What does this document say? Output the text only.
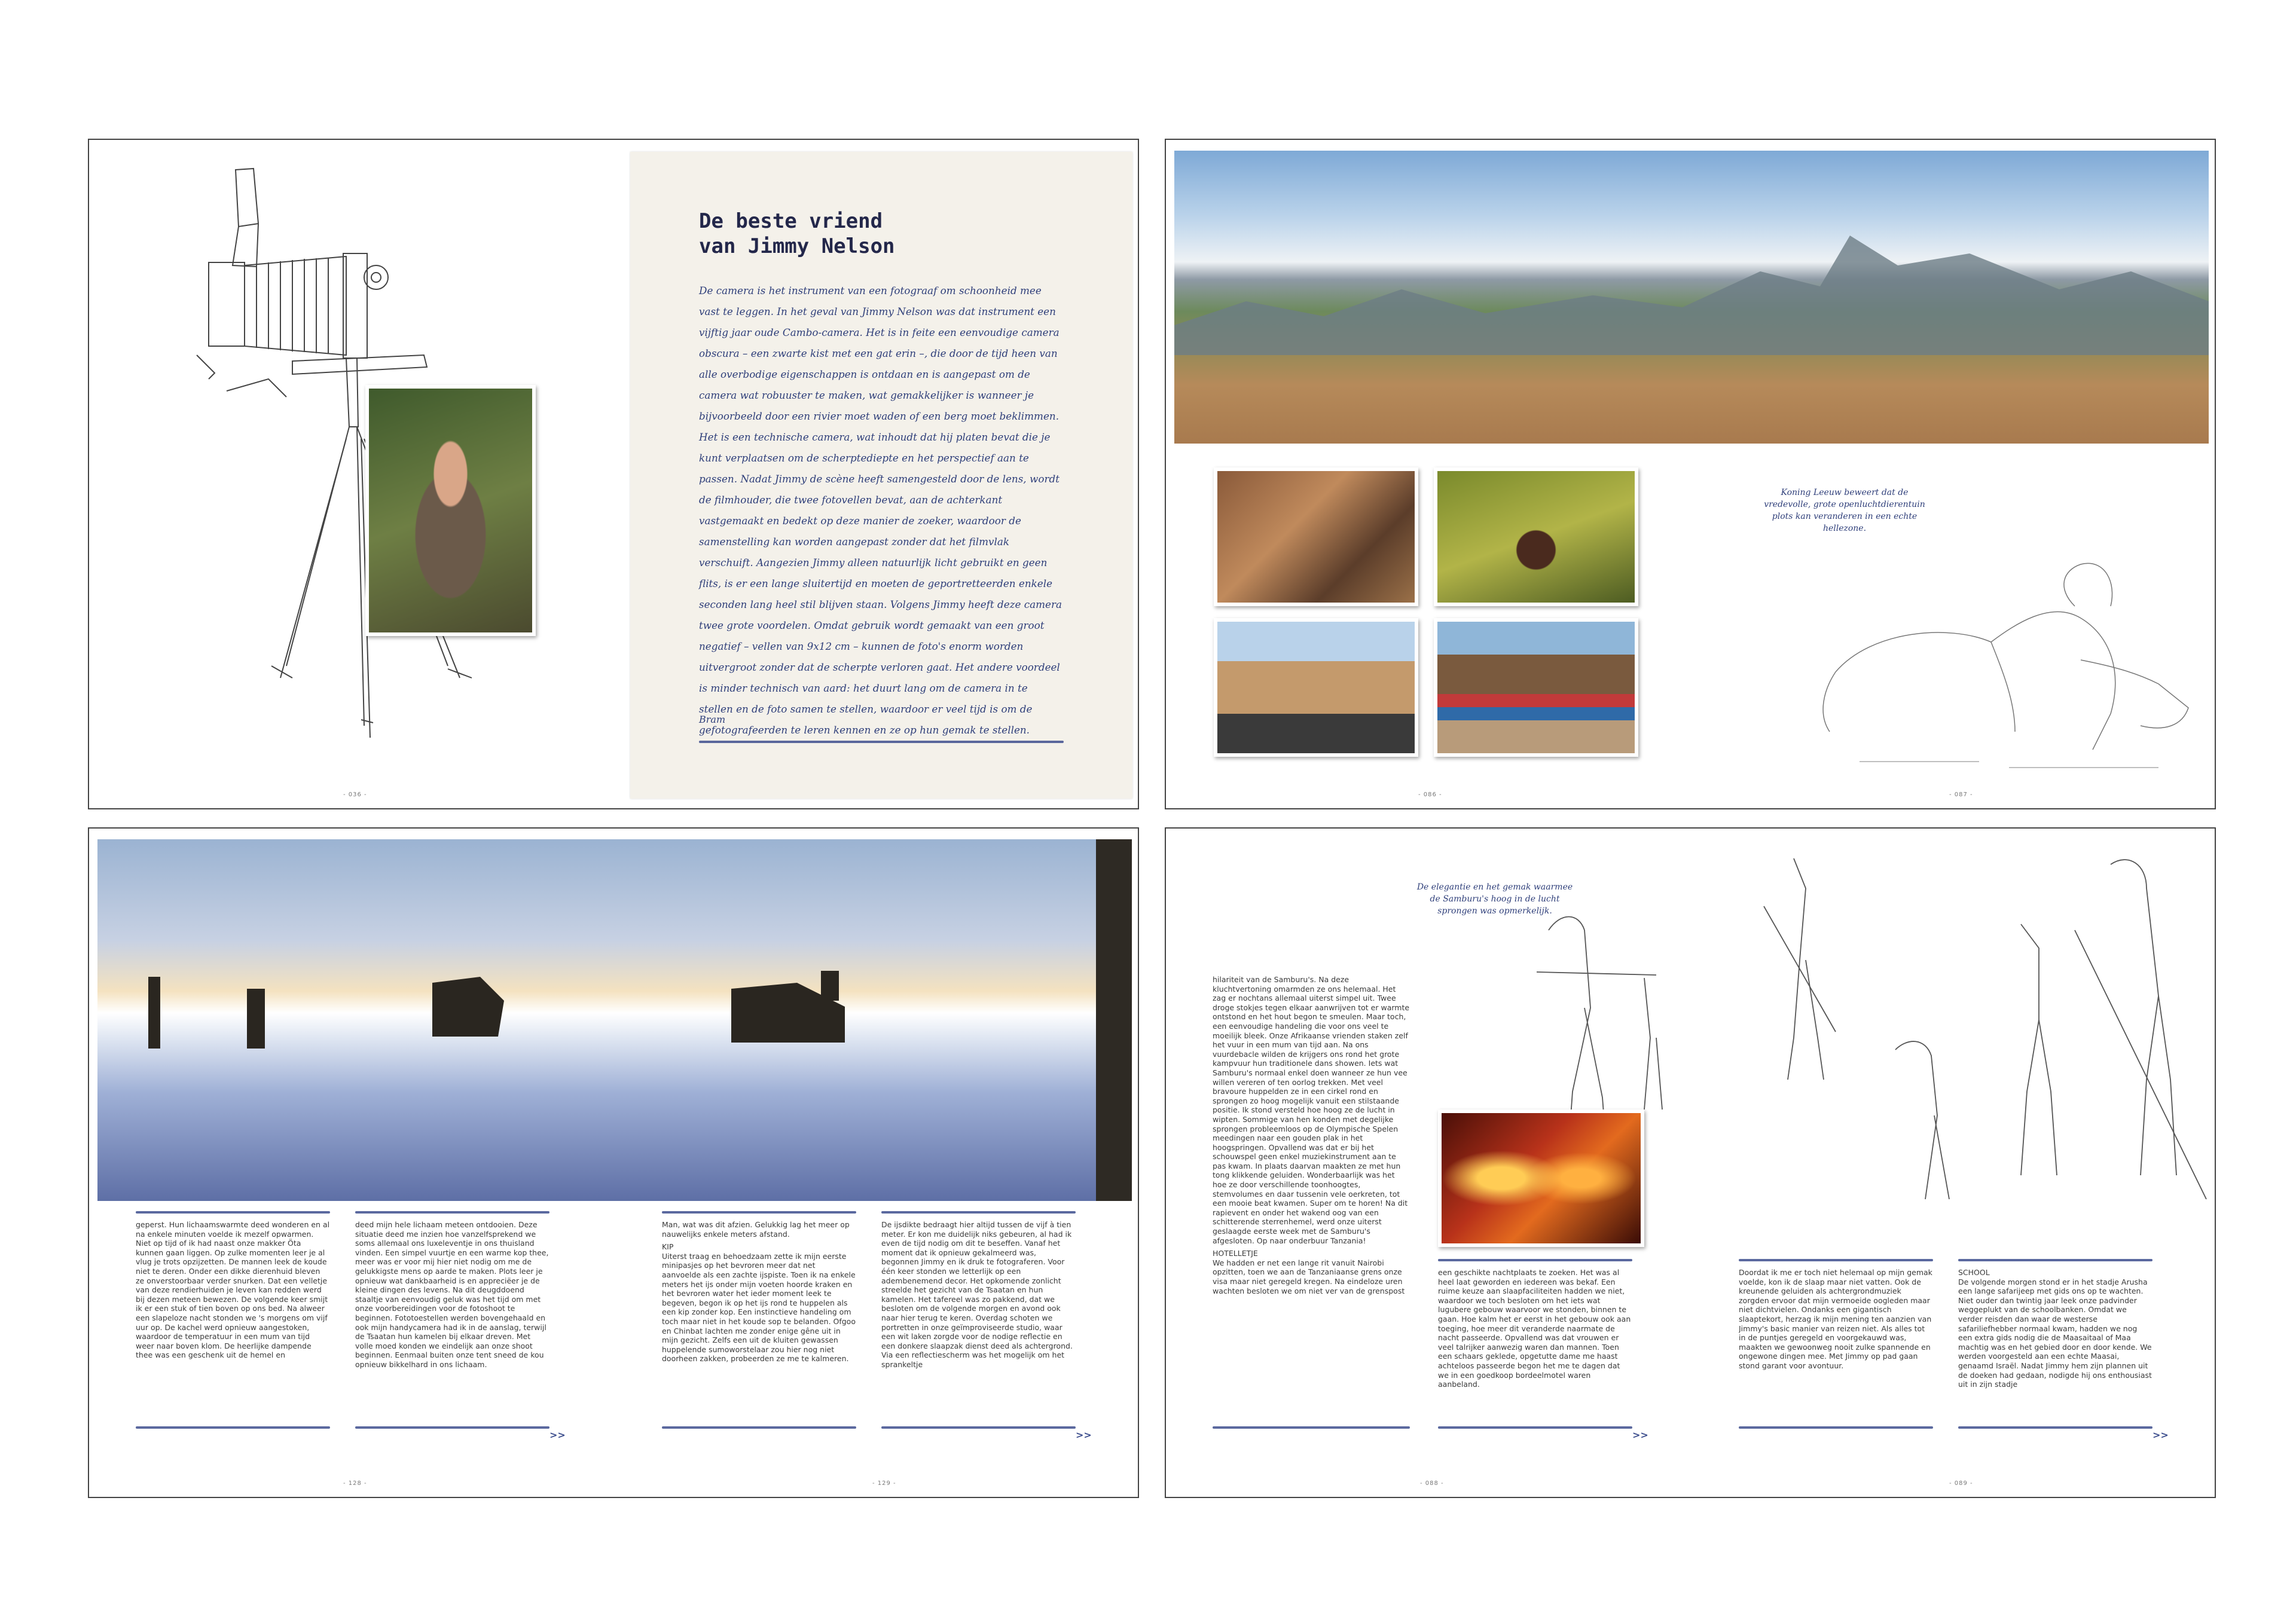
De beste vriend
van Jimmy Nelson
De camera is het instrument van een fotograaf om schoonheid mee vast te leggen. In het geval van Jimmy Nelson was dat instrument een vijftig jaar oude Cambo-camera. Het is in feite een eenvoudige camera obscura – een zwarte kist met een gat erin –, die door de tijd heen van alle overbodige eigenschappen is ontdaan en is aangepast om de camera wat robuuster te maken, wat gemakkelijker is wanneer je bijvoorbeeld door een rivier moet waden of een berg moet beklimmen. Het is een technische camera, wat inhoudt dat hij platen bevat die je kunt verplaatsen om de scherptediepte en het perspectief aan te passen. Nadat Jimmy de scène heeft samengesteld door de lens, wordt de filmhouder, die twee fotovellen bevat, aan de achterkant vastgemaakt en bedekt op deze manier de zoeker, waardoor de samenstelling kan worden aangepast zonder dat het filmvlak verschuift. Aangezien Jimmy alleen natuurlijk licht gebruikt en geen flits, is er een lange sluitertijd en moeten de geportretteerden enkele seconden lang heel stil blijven staan. Volgens Jimmy heeft deze camera twee grote voordelen. Omdat gebruik wordt gemaakt van een groot negatief – vellen van 9x12 cm – kunnen de foto's enorm worden uitvergroot zonder dat de scherpte verloren gaat. Het andere voordeel is minder technisch van aard: het duurt lang om de camera in te stellen en de foto samen te stellen, waardoor er veel tijd is om de gefotografeerden te leren kennen en ze op hun gemak te stellen.
Bram
- 036 -
Koning Leeuw beweert dat de vredevolle, grote openluchtdierentuin plots kan veranderen in een echte hellezone.
- 086 -	- 087 -

geperst. Hun lichaamswarmte deed wonderen en al na enkele minuten voelde ik mezelf opwarmen. Niet op tijd of ik had naast onze makker Öta kunnen gaan liggen. Op zulke momenten leer je al vlug je trots opzijzetten. De mannen leek de koude niet te deren. Onder een dikke dierenhuid bleven ze onverstoorbaar verder snurken. Dat een velletje van deze rendierhuiden je leven kan redden werd bij dezen meteen bewezen. De volgende keer smijt ik er een stuk of tien boven op ons bed. Na alweer een slapeloze nacht stonden we 's morgens om vijf uur op. De kachel werd opnieuw aangestoken, waardoor de temperatuur in een mum van tijd weer naar boven klom. De heerlijke dampende thee was een geschenk uit de hemel en

deed mijn hele lichaam meteen ontdooien. Deze situatie deed me inzien hoe vanzelfsprekend we soms allemaal ons luxeleventje in ons thuisland vinden. Een simpel vuurtje en een warme kop thee, meer was er voor mij hier niet nodig om me de gelukkigste mens op aarde te maken. Plots leer je opnieuw wat dankbaarheid is en appreciëer je de kleine dingen des levens. Na dit deugddoend staaltje van eenvoudig geluk was het tijd om met onze voorbereidingen voor de fotoshoot te beginnen. Fototoestellen werden bovengehaald en ook mijn handycamera had ik in de aanslag, terwijl de Tsaatan hun kamelen bij elkaar dreven. Met volle moed konden we eindelijk aan onze shoot beginnen. Eenmaal buiten onze tent sneed de kou opnieuw bikkelhard in ons lichaam.

>>

Man, wat was dit afzien. Gelukkig lag het meer op nauwelijks enkele meters afstand.

KIP

Uiterst traag en behoedzaam zette ik mijn eerste minipasjes op het bevroren meer dat net aanvoelde als een zachte ijspiste. Toen ik na enkele meters het ijs onder mijn voeten hoorde kraken en het bevroren water het ieder moment leek te begeven, begon ik op het ijs rond te huppelen als een kip zonder kop. Een instinctieve handeling om toch maar niet in het koude sop te belanden. Ofgoo en Chinbat lachten me zonder enige gêne uit in mijn gezicht. Zelfs een uit de kluiten gewassen huppelende sumoworstelaar zou hier nog niet doorheen zakken, probeerden ze me te kalmeren.

De ijsdikte bedraagt hier altijd tussen de vijf à tien meter. Er kon me duidelijk niks gebeuren, al had ik even de tijd nodig om dit te beseffen. Vanaf het moment dat ik opnieuw gekalmeerd was, begonnen Jimmy en ik druk te fotograferen. Voor één keer stonden we letterlijk op een adembenemend decor. Het opkomende zonlicht streelde het gezicht van de Tsaatan en hun kamelen. Het tafereel was zo pakkend, dat we besloten om de volgende morgen en avond ook naar hier terug te keren. Overdag schoten we portretten in onze geïmproviseerde studio, waar een wit laken zorgde voor de nodige reflectie en een donkere slaapzak dienst deed als achtergrond. Via een reflectiescherm was het mogelijk om het sprankeltje

>>
- 128 -	- 129 -
De elegantie en het gemak waarmee de Samburu's hoog in de lucht sprongen was opmerkelijk.

hilariteit van de Samburu's. Na deze kluchtvertoning omarmden ze ons helemaal. Het zag er nochtans allemaal uiterst simpel uit. Twee droge stokjes tegen elkaar aanwrijven tot er warmte ontstond en het hout begon te smeulen. Maar toch, een eenvoudige handeling die voor ons veel te moeilijk bleek. Onze Afrikaanse vrienden staken zelf het vuur in een mum van tijd aan. Na ons vuurdebacle wilden de krijgers ons rond het grote kampvuur hun traditionele dans showen. Iets wat Samburu's normaal enkel doen wanneer ze hun vee willen vereren of ten oorlog trekken. Met veel bravoure huppelden ze in een cirkel rond en sprongen zo hoog mogelijk vanuit een stilstaande positie. Ik stond versteld hoe hoog ze de lucht in wipten. Sommige van hen konden met degelijke sprongen probleemloos op de Olympische Spelen meedingen naar een gouden plak in het hoogspringen. Opvallend was dat er bij het schouwspel geen enkel muziekinstrument aan te pas kwam. In plaats daarvan maakten ze met hun tong klikkende geluiden. Wonderbaarlijk was het hoe ze door verschillende toonhoogtes, stemvolumes en daar tussenin vele oerkreten, tot een mooie beat kwamen. Super om te horen! Na dit rapievent en onder het wakend oog van een schitterende sterrenhemel, werd onze uiterst geslaagde eerste week met de Samburu's afgesloten. Op naar onderbuur Tanzania!

HOTELLETJE

We hadden er net een lange rit vanuit Nairobi opzitten, toen we aan de Tanzaniaanse grens onze visa maar niet geregeld kregen. Na eindeloze uren wachten besloten we om niet ver van de grenspost

een geschikte nachtplaats te zoeken. Het was al heel laat geworden en iedereen was bekaf. Een ruime keuze aan slaapfaciliteiten hadden we niet, waardoor we toch besloten om het iets wat lugubere gebouw waarvoor we stonden, binnen te gaan. Hoe kalm het er eerst in het gebouw ook aan toeging, hoe meer dit veranderde naarmate de nacht passeerde. Opvallend was dat vrouwen er veel talrijker aanwezig waren dan mannen. Toen een schaars geklede, opgetutte dame me haast achteloos passeerde begon het me te dagen dat we in een goedkoop bordeelmotel waren aanbeland.

>>

Doordat ik me er toch niet helemaal op mijn gemak voelde, kon ik de slaap maar niet vatten. Ook de kreunende geluiden als achtergrondmuziek zorgden ervoor dat mijn vermoeide oogleden maar niet dichtvielen. Ondanks een gigantisch slaaptekort, herzag ik mijn mening ten aanzien van Jimmy's basic manier van reizen niet. Als alles tot in de puntjes geregeld en voorgekauwd was, maakten we gewoonweg nooit zulke spannende en ongewone dingen mee. Met Jimmy op pad gaan stond garant voor avontuur.

SCHOOL

De volgende morgen stond er in het stadje Arusha een lange safarijeep met gids ons op te wachten. Niet ouder dan twintig jaar leek onze padvinder weggeplukt van de schoolbanken. Omdat we verder reisden dan waar de westerse safariliefhebber normaal kwam, hadden we nog een extra gids nodig die de Maasaitaal of Maa machtig was en het gebied door en door kende. We werden voorgesteld aan een echte Maasai, genaamd Israël. Nadat Jimmy hem zijn plannen uit de doeken had gedaan, nodigde hij ons enthousiast uit in zijn stadje

>>
- 088 -	- 089 -
